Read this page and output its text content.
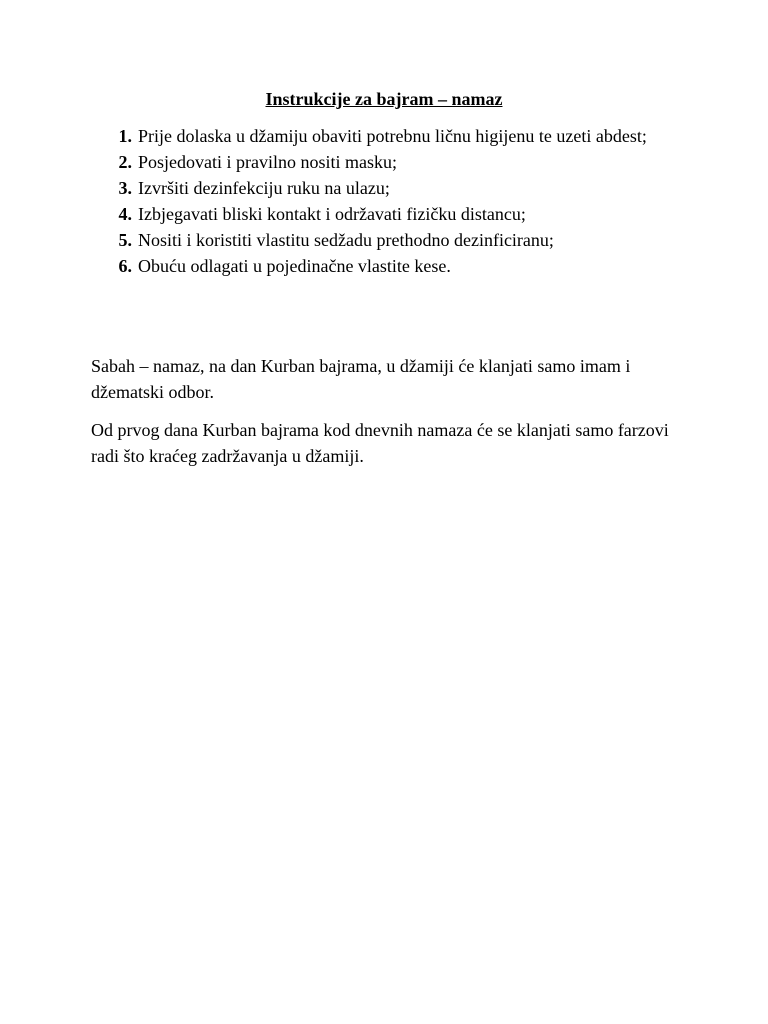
Instrukcije za bajram – namaz
1. Prije dolaska u džamiju obaviti potrebnu ličnu higijenu te uzeti abdest;
2. Posjedovati i pravilno nositi masku;
3. Izvršiti dezinfekciju ruku na ulazu;
4. Izbjegavati bliski kontakt i održavati fizičku distancu;
5. Nositi i koristiti vlastitu sedžadu prethodno dezinficiranu;
6. Obuću odlagati u pojedinačne vlastite kese.

Sabah – namaz, na dan Kurban bajrama, u džamiji će klanjati samo imam i džematski odbor.

Od prvog dana Kurban bajrama kod dnevnih namaza će se klanjati samo farzovi radi što kraćeg zadržavanja u džamiji.
